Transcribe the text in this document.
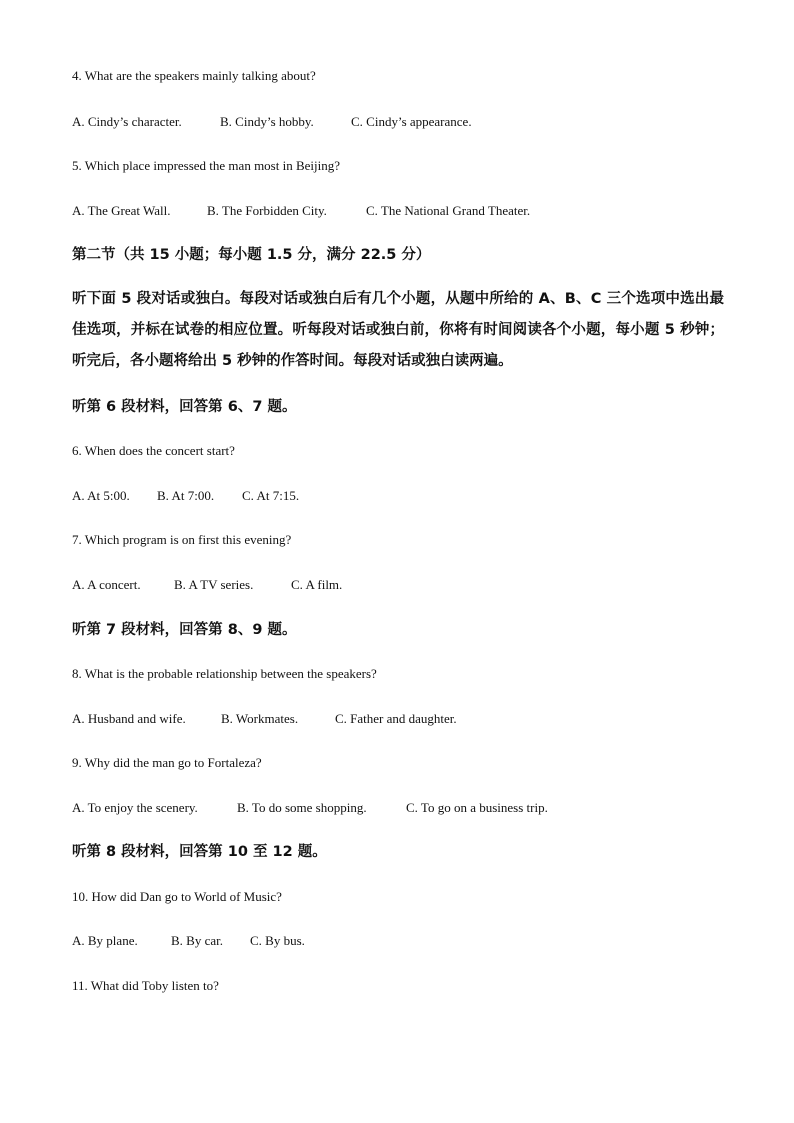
4. What are the speakers mainly talking about?
A. Cindy’s character.	B. Cindy’s hobby.	C. Cindy’s appearance.
5. Which place impressed the man most in Beijing?
A. The Great Wall.	B. The Forbidden City.	C. The National Grand Theater.
第二节（共 15 小题；每小题 1.5 分，满分 22.5 分）
听下面 5 段对话或独白。每段对话或独白后有几个小题，从题中所给的 A、B、C 三个选项中选出最佳选项，并标在试卷的相应位置。听每段对话或独白前，你将有时间阅读各个小题，每小题 5 秒钟；听完后，各小题将给出 5 秒钟的作答时间。每段对话或独白读两遍。
听第 6 段材料，回答第 6、7 题。
6. When does the concert start?
A. At 5:00. B. At 7:00. C. At 7:15.
7. Which program is on first this evening?
A. A concert.	B. A TV series.	C. A film.
听第 7 段材料，回答第 8、9 题。
8. What is the probable relationship between the speakers?
A. Husband and wife.	B. Workmates.	C. Father and daughter.
9. Why did the man go to Fortaleza?
A. To enjoy the scenery.	B. To do some shopping.	C. To go on a business trip.
听第 8 段材料，回答第 10 至 12 题。
10. How did Dan go to World of Music?
A. By plane.	B. By car. C. By bus.
11. What did Toby listen to?
